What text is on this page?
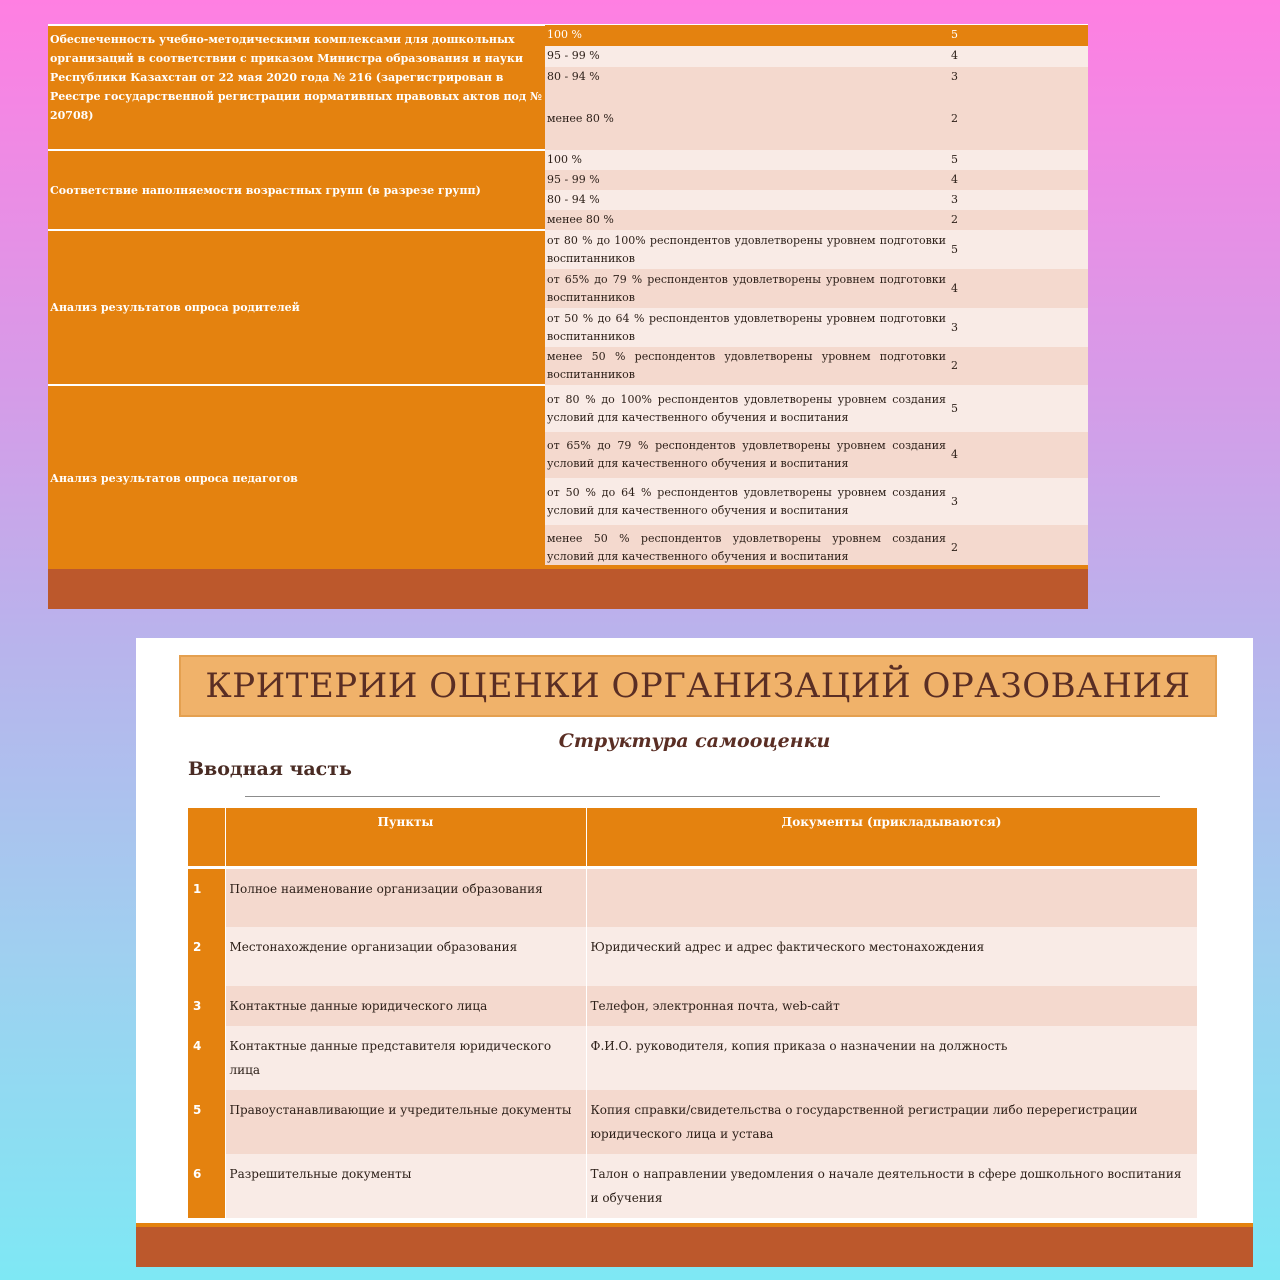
Обеспеченность учебно-методическими комплексами для дошкольных организаций в соответствии с приказом Министра образования и науки Республики Казахстан от 22 мая 2020 года № 216 (зарегистрирован в Реестре государственной регистрации нормативных правовых актов под № 20708)	100 %	5
	95 - 99 %	4
	80 - 94 %	3
	менее 80 %	2
Соответствие наполняемости возрастных групп (в разрезе групп)	100 %	5
	95 - 99 %	4
	80 - 94 %	3
	менее 80 %	2
Анализ результатов опроса родителей	от 80 % до 100% респондентов удовлетворены уровнем подготовки воспитанников	5
	от 65% до 79 % респондентов удовлетворены уровнем подготовки воспитанников	4
	от 50 % до 64 % респондентов удовлетворены уровнем подготовки воспитанников	3
	менее 50 % респондентов удовлетворены уровнем подготовки воспитанников	2
Анализ результатов опроса педагогов	от 80 % до 100% респондентов удовлетворены уровнем создания условий для качественного обучения и воспитания	5
	от 65% до 79 % респондентов удовлетворены уровнем создания условий для качественного обучения и воспитания	4
	от 50 % до 64 % респондентов удовлетворены уровнем создания условий для качественного обучения и воспитания	3
	менее 50 % респондентов удовлетворены уровнем создания условий для качественного обучения и воспитания	2
КРИТЕРИИ ОЦЕНКИ ОРГАНИЗАЦИЙ ОРАЗОВАНИЯ
Структура самооценки
Вводная часть
	Пункты	Документы (прикладываются)
1	Полное наименование организации образования	
2	Местонахождение организации образования	Юридический адрес и адрес фактического местонахождения
3	Контактные данные юридического лица	Телефон, электронная почта, web-сайт
4	Контактные данные представителя юридического лица	Ф.И.О. руководителя, копия приказа о назначении на должность
5	Правоустанавливающие и учредительные документы	Копия справки/свидетельства о государственной регистрации либо перерегистрации юридического лица и устава
6	Разрешительные документы	Талон о направлении уведомления о начале деятельности в сфере дошкольного воспитания и обучения
